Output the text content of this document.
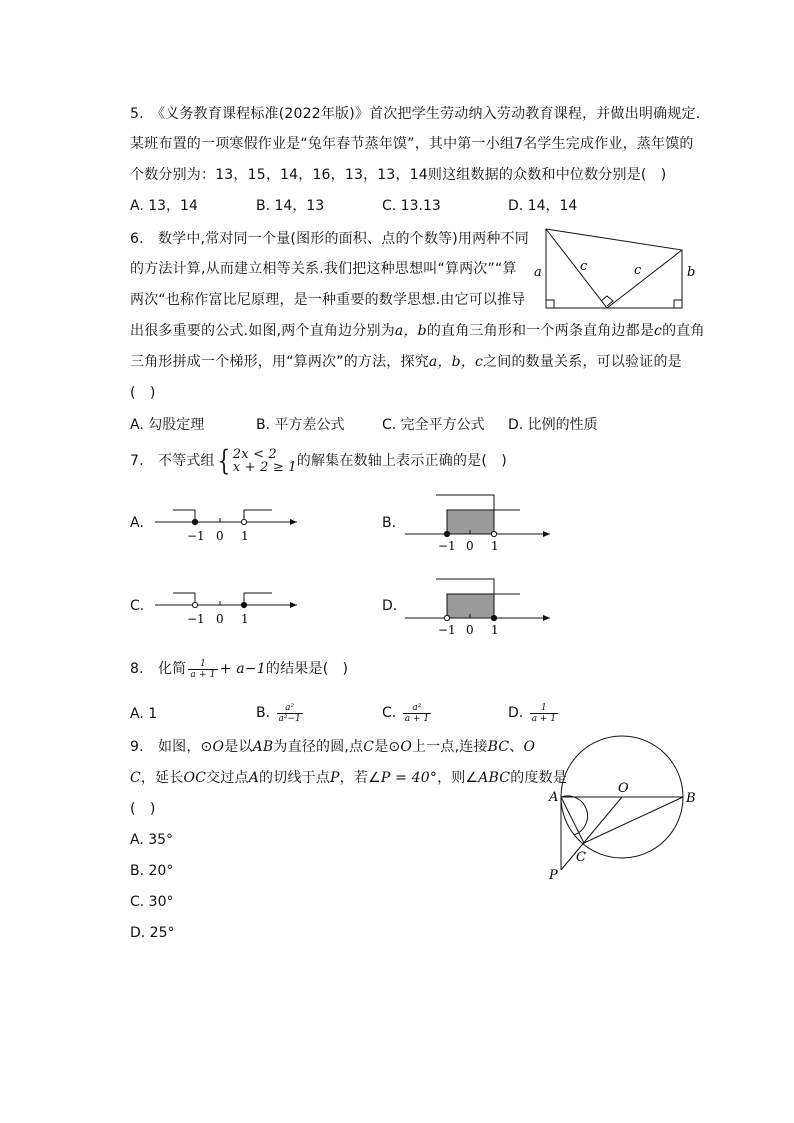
5.　《义务教育课程标准(2022年版)》首次把学生劳动纳入劳动教育课程，并做出明确规定.
某班布置的一项寒假作业是“兔年春节蒸年馍”，其中第一小组7名学生完成作业，蒸年馍的
个数分别为：13，15，14，16，13，13，14则这组数据的众数和中位数分别是(　)
A. 13，14	B. 14，13	C. 13.13	D. 14，14
6.　数学中,常对同一个量(图形的面积、点的个数等)用两种不同
的方法计算,从而建立相等关系.我们把这种思想叫“算两次”“算
两次“也称作富比尼原理，是一种重要的数学思想.由它可以推导
出很多重要的公式.如图,两个直角边分别为a，b的直角三角形和一个两条直角边都是c的直角
三角形拼成一个梯形，用“算两次”的方法，探究a，b，c之间的数量关系，可以验证的是
(　)
A. 勾股定理	B. 平方差公式	C. 完全平方公式 D. 比例的性质
a	b
c	c
7.　不等式组{ 2x < 2
x + 2 ≥ 1 的解集在数轴上表示正确的是(　)
A.	B.
C.	D.
−1 0 1
−1 0 1
−1 0 1
−1 0 1
8.　化简 $\frac{1}{a + 1} + a-1$的结果是(　)
A. 1	B. $\frac{\text{a²}}{\text{a²−1}}$	C. $\frac{\text{a²}}{a + 1}$	D. $\frac{1}{a + 1}$
9.　如图，⊙O是以AB为直径的圆,点C是⊙O上一点,连接BC、O
C，延长OC交过点A的切线于点P，若∠P = 40°，则∠ABC的度数是
(　)
A. 35°
B. 20°
C. 30°
D. 25°
A	B
O
C
P
